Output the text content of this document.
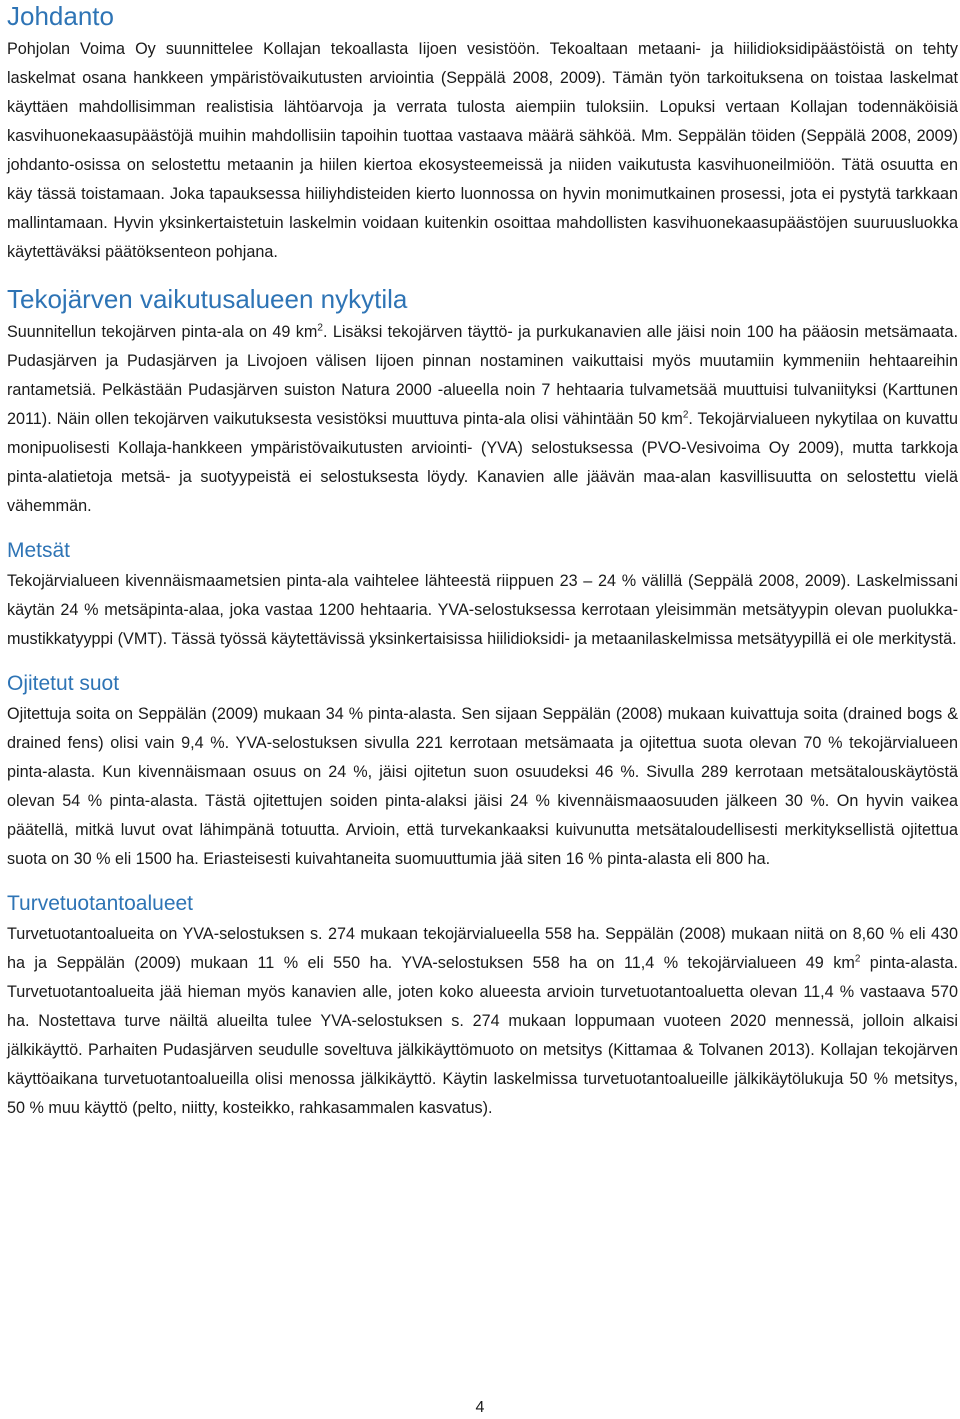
Johdanto

Pohjolan Voima Oy suunnittelee Kollajan tekoallasta Iijoen vesistöön. Tekoaltaan metaani- ja hiilidioksidipäästöistä on tehty laskelmat osana hankkeen ympäristövaikutusten arviointia (Seppälä 2008, 2009). Tämän työn tarkoituksena on toistaa laskelmat käyttäen mahdollisimman realistisia lähtöarvoja ja verrata tulosta aiempiin tuloksiin. Lopuksi vertaan Kollajan todennäköisiä kasvihuonekaasupäästöjä muihin mahdollisiin tapoihin tuottaa vastaava määrä sähköä. Mm. Seppälän töiden (Seppälä 2008, 2009) johdanto-osissa on selostettu metaanin ja hiilen kiertoa ekosysteemeissä ja niiden vaikutusta kasvihuoneilmiöön. Tätä osuutta en käy tässä toistamaan. Joka tapauksessa hiiliyhdisteiden kierto luonnossa on hyvin monimutkainen prosessi, jota ei pystytä tarkkaan mallintamaan. Hyvin yksinkertaistetuin laskelmin voidaan kuitenkin osoittaa mahdollisten kasvihuonekaasupäästöjen suuruusluokka käytettäväksi päätöksenteon pohjana.

Tekojärven vaikutusalueen nykytila

Suunnitellun tekojärven pinta-ala on 49 $km^2$. Lisäksi tekojärven täyttö- ja purkukanavien alle jäisi noin 100 ha pääosin metsämaata. Pudasjärven ja Pudasjärven ja Livojoen välisen Iijoen pinnan nostaminen vaikuttaisi myös muutamiin kymmeniin hehtaareihin rantametsiä. Pelkästään Pudasjärven suiston Natura 2000 -alueella noin 7 hehtaaria tulvametsää muuttuisi tulvaniityksi (Karttunen 2011). Näin ollen tekojärven vaikutuksesta vesistöksi muuttuva pinta-ala olisi vähintään 50 $km^2$. Tekojärvialueen nykytilaa on kuvattu monipuolisesti Kollaja-hankkeen ympäristövaikutusten arviointi- (YVA) selostuksessa (PVO-Vesivoima Oy 2009), mutta tarkkoja pinta-alatietoja metsä- ja suotyypeistä ei selostuksesta löydy. Kanavien alle jäävän maa-alan kasvillisuutta on selostettu vielä vähemmän.

Metsät

Tekojärvialueen kivennäismaametsien pinta-ala vaihtelee lähteestä riippuen 23 – 24 % välillä (Seppälä 2008, 2009). Laskelmissani käytän 24 % metsäpinta-alaa, joka vastaa 1200 hehtaaria. YVA-selostuksessa kerrotaan yleisimmän metsätyypin olevan puolukka-mustikkatyyppi (VMT). Tässä työssä käytettävissä yksinkertaisissa hiilidioksidi- ja metaanilaskelmissa metsätyypillä ei ole merkitystä.

Ojitetut suot

Ojitettuja soita on Seppälän (2009) mukaan 34 % pinta-alasta. Sen sijaan Seppälän (2008) mukaan kuivattuja soita (drained bogs & drained fens) olisi vain 9,4 %. YVA-selostuksen sivulla 221 kerrotaan metsämaata ja ojitettua suota olevan 70 % tekojärvialueen pinta-alasta. Kun kivennäismaan osuus on 24 %, jäisi ojitetun suon osuudeksi 46 %. Sivulla 289 kerrotaan metsätalouskäytöstä olevan 54 % pinta-alasta. Tästä ojitettujen soiden pinta-alaksi jäisi 24 % kivennäismaaosuuden jälkeen 30 %. On hyvin vaikea päätellä, mitkä luvut ovat lähimpänä totuutta. Arvioin, että turvekankaaksi kuivunutta metsätaloudellisesti merkityksellistä ojitettua suota on 30 % eli 1500 ha. Eriasteisesti kuivahtaneita suomuuttumia jää siten 16 % pinta-alasta eli 800 ha.

Turvetuotantoalueet

Turvetuotantoalueita on YVA-selostuksen s. 274 mukaan tekojärvialueella 558 ha. Seppälän (2008) mukaan niitä on 8,60 % eli 430 ha ja Seppälän (2009) mukaan 11 % eli 550 ha. YVA-selostuksen 558 ha on 11,4 % tekojärvialueen 49 $km^2$ pinta-alasta. Turvetuotantoalueita jää hieman myös kanavien alle, joten koko alueesta arvioin turvetuotantoaluetta olevan 11,4 % vastaava 570 ha. Nostettava turve näiltä alueilta tulee YVA-selostuksen s. 274 mukaan loppumaan vuoteen 2020 mennessä, jolloin alkaisi jälkikäyttö. Parhaiten Pudasjärven seudulle soveltuva jälkikäyttömuoto on metsitys (Kittamaa & Tolvanen 2013). Kollajan tekojärven käyttöaikana turvetuotantoalueilla olisi menossa jälkikäyttö. Käytin laskelmissa turvetuotantoalueille jälkikäytölukuja 50 % metsitys, 50 % muu käyttö (pelto, niitty, kosteikko, rahkasammalen kasvatus).

4
